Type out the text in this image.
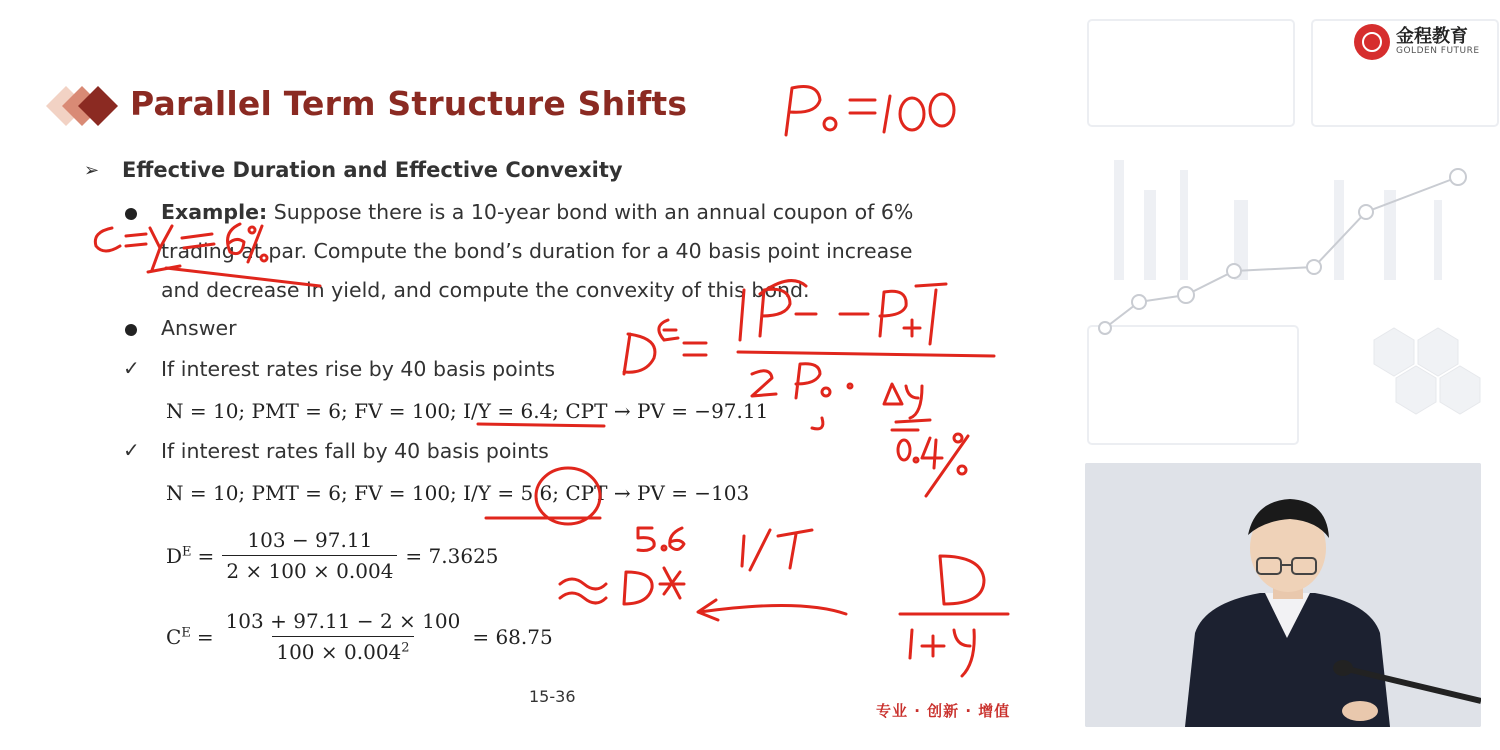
Parallel Term Structure Shifts
➢ Effective Duration and Effective Convexity
Example: Suppose there is a 10-year bond with an annual coupon of 6%
trading at par. Compute the bond’s duration for a 40 basis point increase
and decrease in yield, and compute the convexity of this bond.
Answer
✓ If interest rates rise by 40 basis points
N = 10; PMT = 6; FV = 100; I/Y = 6.4; CPT → PV = −97.11
✓ If interest rates fall by 40 basis points
N = 10; PMT = 6; FV = 100; I/Y = 5.6; CPT → PV = −103
$D^E = \frac{103 - 97.11}{2 \times 100 \times 0.004} = 7.3625$
$C^E = \frac{103 + 97.11 - 2 \times 100}{100 \times 0.004^2} = 68.75$
15-36
专业 · 创新 · 增值
金程教育
GOLDEN FUTURE
